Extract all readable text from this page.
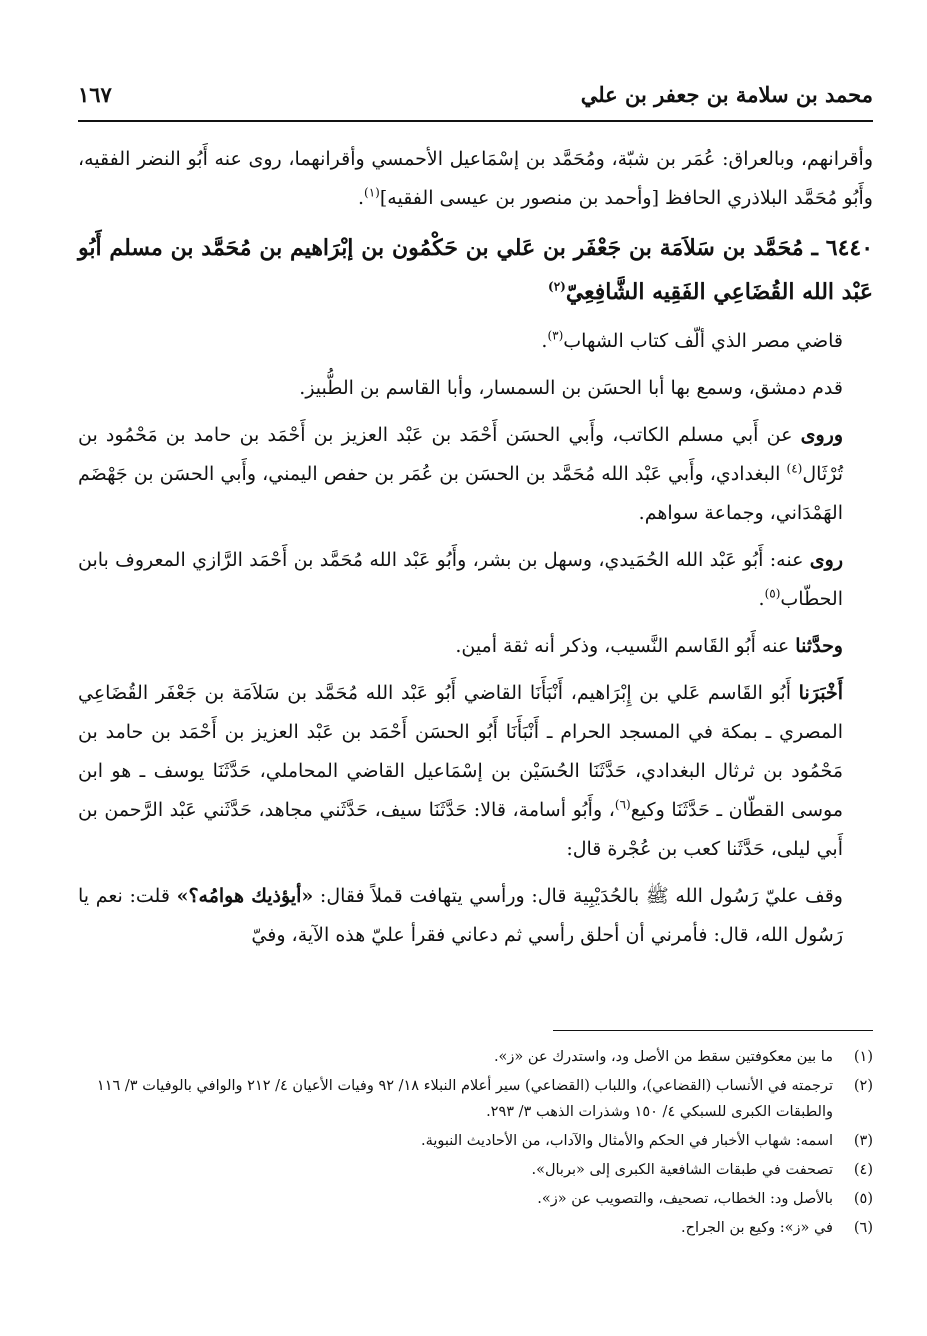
محمد بن سلامة بن جعفر بن علي
١٦٧

وأقرانهم، وبالعراق: عُمَر بن شبّة، ومُحَمَّد بن إسْمَاعيل الأحمسي وأقرانهما، روى عنه أَبُو النضر الفقيه، وأَبُو مُحَمَّد البلاذري الحافظ [وأحمد بن منصور بن عيسى الفقيه]$^{(١)}$.

٦٤٤٠ ـ مُحَمَّد بن سَلاَمَة بن جَعْفَر بن عَلي بن حَكْمُون بن إبْرَاهيم بن مُحَمَّد بن مسلم أَبُو عَبْد الله القُضَاعِي الفَقِيه الشَّافِعِيّ$^{(٢)}$

قاضي مصر الذي ألّف كتاب الشهاب$^{(٣)}$.

قدم دمشق، وسمع بها أبا الحسَن بن السمسار، وأبا القاسم بن الطُّبيز.

وروى عن أَبي مسلم الكاتب، وأَبي الحسَن أَحْمَد بن عَبْد العزيز بن أَحْمَد بن حامد بن مَحْمُود بن تُرْثَال$^{(٤)}$ البغدادي، وأَبي عَبْد الله مُحَمَّد بن الحسَن بن عُمَر بن حفص اليمني، وأَبي الحسَن بن جَهْضَم الهَمْدَاني، وجماعة سواهم.

روى عنه: أَبُو عَبْد الله الحُمَيدي، وسهل بن بشر، وأَبُو عَبْد الله مُحَمَّد بن أَحْمَد الرَّازي المعروف بابن الحطّاب$^{(٥)}$.

وحدَّثنا عنه أَبُو القَاسم النَّسيب، وذكر أنه ثقة أمين.

أَخْبَرَنا أَبُو القَاسم عَلي بن إِبْرَاهيم، أَنْبَأَنَا القاضي أَبُو عَبْد الله مُحَمَّد بن سَلاَمَة بن جَعْفَر القُضَاعِي المصري ـ بمكة في المسجد الحرام ـ أَنْبَأَنَا أَبُو الحسَن أَحْمَد بن عَبْد العزيز بن أَحْمَد بن حامد بن مَحْمُود بن ثرثال البغدادي، حَدَّثَنَا الحُسَيْن بن إسْمَاعيل القاضي المحاملي، حَدَّثَنَا يوسف ـ هو ابن موسى القطّان ـ حَدَّثَنَا وكيع$^{(٦)}$، وأَبُو أسامة، قالا: حَدَّثَنَا سيف، حَدَّثَني مجاهد، حَدَّثَني عَبْد الرَّحمن بن أَبي ليلى، حَدَّثَنا كعب بن عُجْرة قال:

وقف عليّ رَسُول الله ﷺ بالحُدَيْبِية قال: ورأسي يتهافت قملاً فقال: «أيؤذيك هوامُه؟» قلت: نعم يا رَسُول الله، قال: فأمرني أن أحلق رأسي ثم دعاني فقرأ عليّ هذه الآية، وفيّ

(١)
ما بين معكوفتين سقط من الأصل ود، واستدرك عن «ز».
(٢)
ترجمته في الأنساب (القضاعي)، واللباب (القضاعي) سير أعلام النبلاء ١٨/ ٩٢ وفيات الأعيان ٤/ ٢١٢ والوافي بالوفيات ٣/ ١١٦ والطبقات الكبرى للسبكي ٤/ ١٥٠ وشذرات الذهب ٣/ ٢٩٣.
(٣)
اسمه: شهاب الأخبار في الحكم والأمثال والآداب، من الأحاديث النبوية.
(٤)
تصحفت في طبقات الشافعية الكبرى إلى «بربال».
(٥)
بالأصل ود: الخطاب، تصحيف، والتصويب عن «ز».
(٦)
في «ز»: وكيع بن الجراح.
